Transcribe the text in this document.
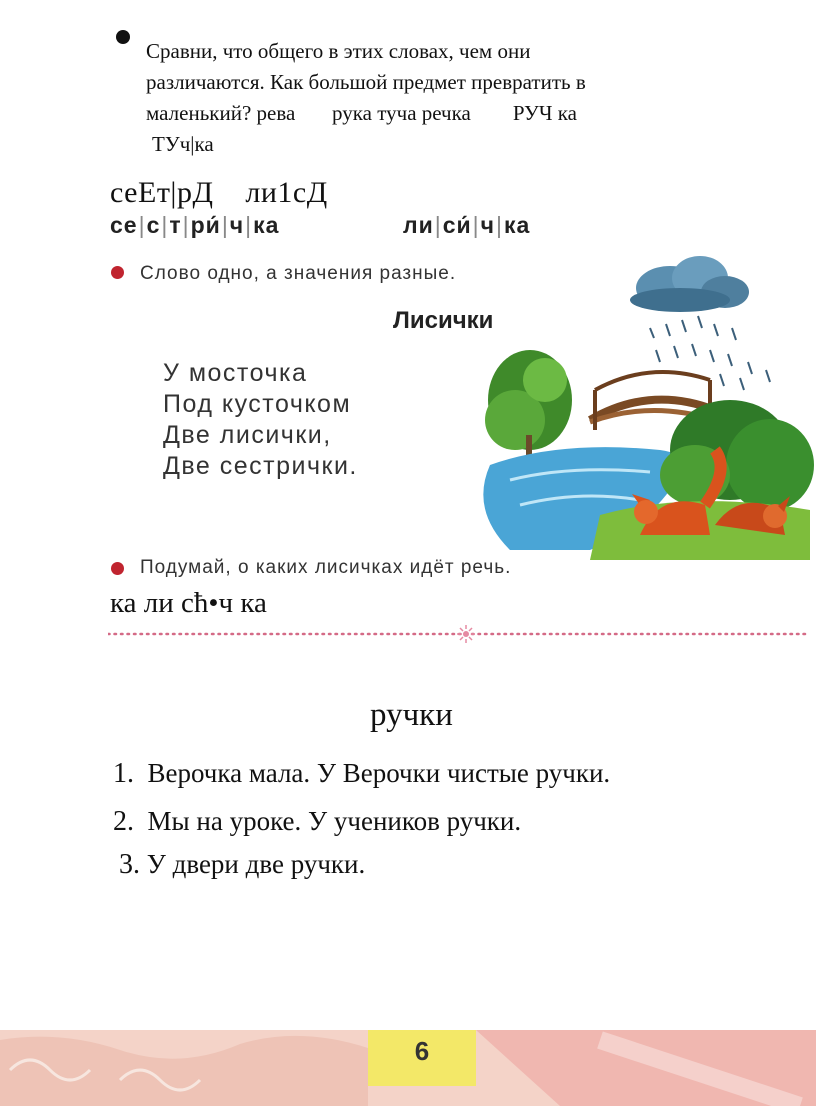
Сравни, что общего в этих словах, чем они
различаются. Как большой предмет превратить в
маленький? рева       рука туча речка        РУЧ ка
ТУч|ка
сеЕт|рД    ли1сД
се|с|т|ри́|ч|ка	ли|си́|ч|ка
Слово одно, а значения разные.
Лисички
У мосточка
Под кусточком
Две лисички,
Две сестрички.
Подумай, о каких лисичках идёт речь.
ка ли сћ•ч ка
ручки
1. Верочка мала. У Верочки чистые ручки.
2. Мы на уроке. У учеников ручки.
3. У двери две ручки.
6
